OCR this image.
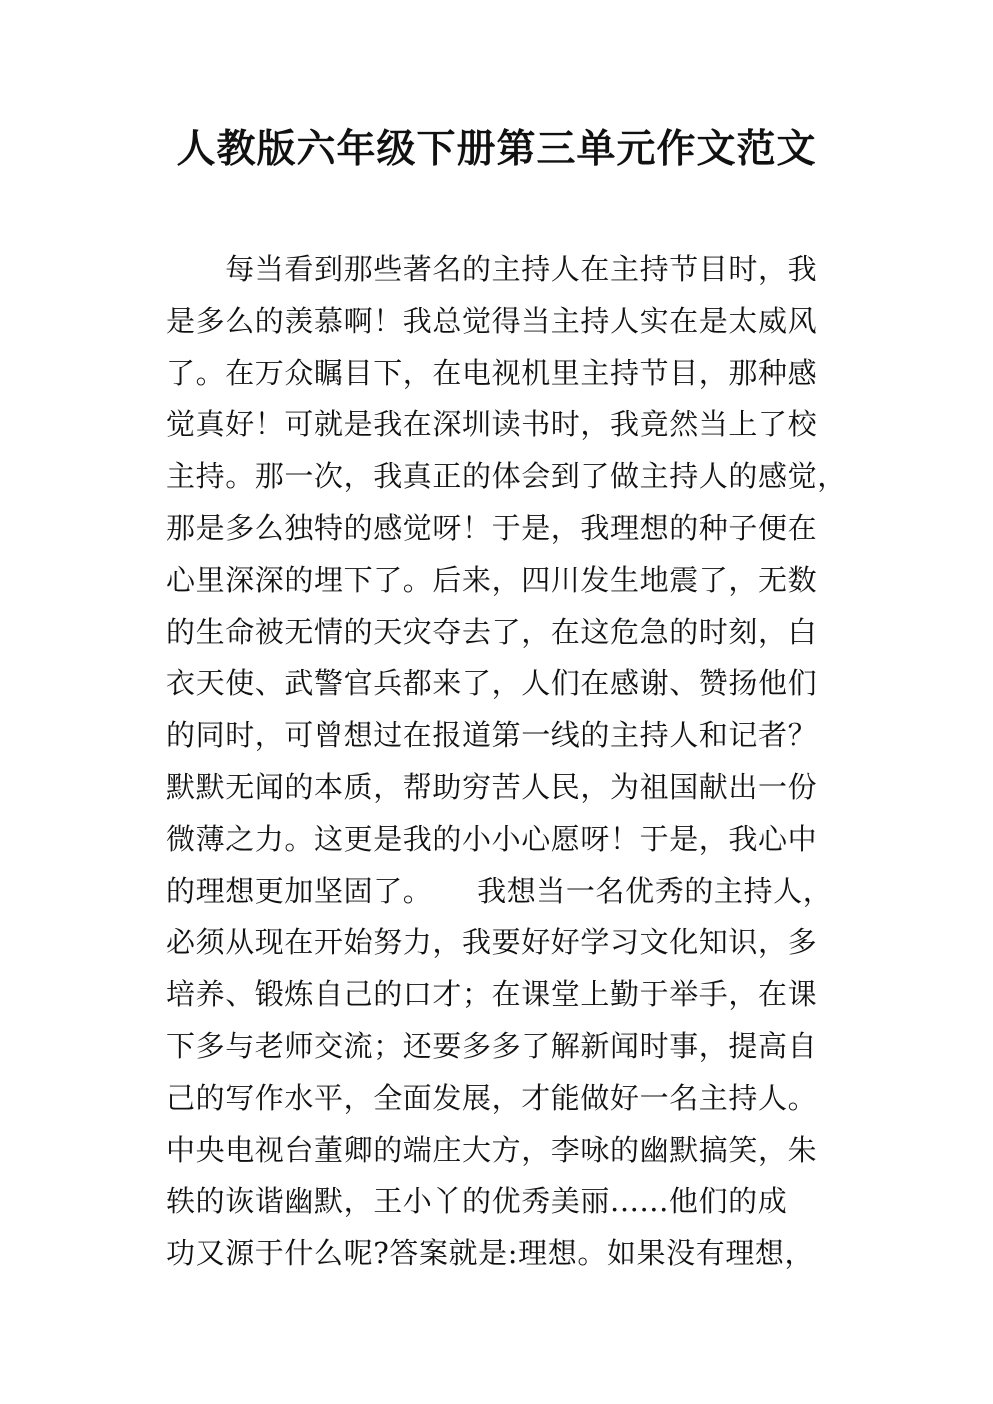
人教版六年级下册第三单元作文范文
　　每当看到那些著名的主持人在主持节目时，我
是多么的羡慕啊！我总觉得当主持人实在是太威风
了。在万众瞩目下，在电视机里主持节目，那种感
觉真好！可就是我在深圳读书时，我竟然当上了校
主持。那一次，我真正的体会到了做主持人的感觉，
那是多么独特的感觉呀！于是，我理想的种子便在
心里深深的埋下了。后来，四川发生地震了，无数
的生命被无情的天灾夺去了，在这危急的时刻，白
衣天使、武警官兵都来了，人们在感谢、赞扬他们
的同时，可曾想过在报道第一线的主持人和记者？
默默无闻的本质，帮助穷苦人民，为祖国献出一份
微薄之力。这更是我的小小心愿呀！于是，我心中
的理想更加坚固了。　　我想当一名优秀的主持人，
必须从现在开始努力，我要好好学习文化知识，多
培养、锻炼自己的口才；在课堂上勤于举手，在课
下多与老师交流；还要多多了解新闻时事，提高自
己的写作水平，全面发展，才能做好一名主持人。
中央电视台董卿的端庄大方，李咏的幽默搞笑，朱
轶的诙谐幽默，王小丫的优秀美丽......他们的成
功又源于什么呢?答案就是:理想。如果没有理想，
